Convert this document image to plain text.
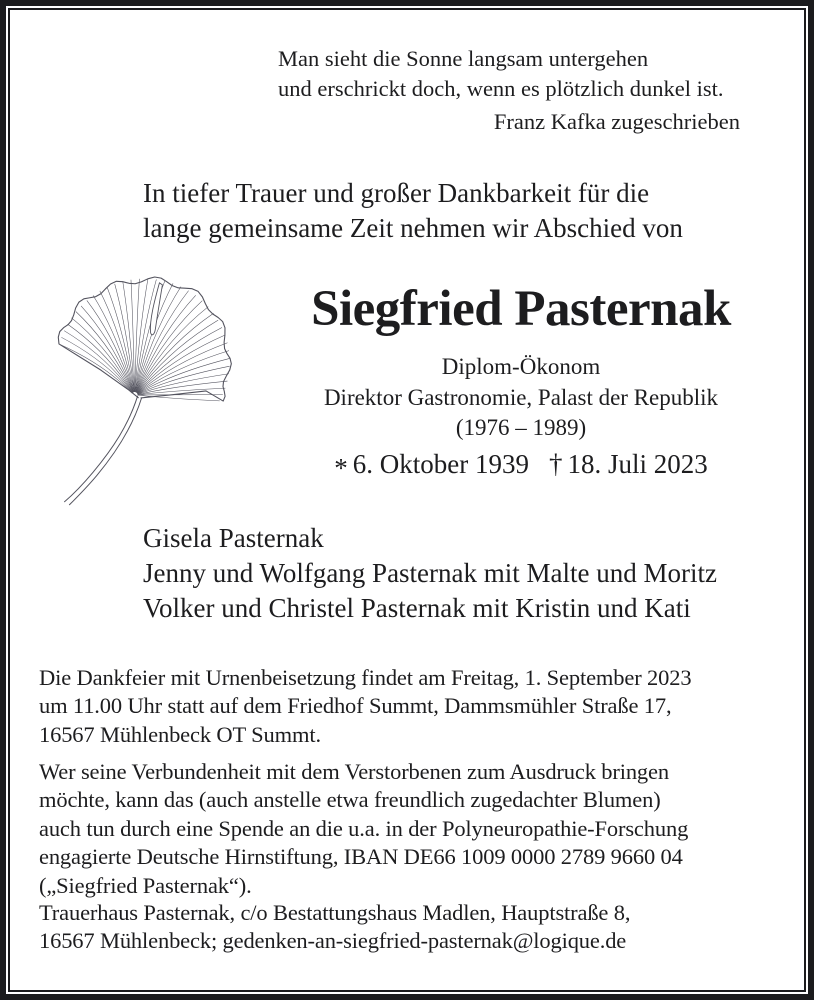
Man sieht die Sonne langsam untergehen
und erschrickt doch, wenn es plötzlich dunkel ist.
Franz Kafka zugeschrieben
In tiefer Trauer und großer Dankbarkeit für die
lange gemeinsame Zeit nehmen wir Abschied von
Siegfried Pasternak
Diplom-Ökonom
Direktor Gastronomie, Palast der Republik
(1976 – 1989)
* 6. Oktober 1939 † 18. Juli 2023
Gisela Pasternak
Jenny und Wolfgang Pasternak mit Malte und Moritz
Volker und Christel Pasternak mit Kristin und Kati
Die Dankfeier mit Urnenbeisetzung findet am Freitag, 1. September 2023
um 11.00 Uhr statt auf dem Friedhof Summt, Dammsmühler Straße 17,
16567 Mühlenbeck OT Summt.
Wer seine Verbundenheit mit dem Verstorbenen zum Ausdruck bringen
möchte, kann das (auch anstelle etwa freundlich zugedachter Blumen)
auch tun durch eine Spende an die u.a. in der Polyneuropathie-Forschung
engagierte Deutsche Hirnstiftung, IBAN DE66 1009 0000 2789 9660 04
(„Siegfried Pasternak“).
Trauerhaus Pasternak, c/o Bestattungshaus Madlen, Hauptstraße 8,
16567 Mühlenbeck; gedenken-an-siegfried-pasternak@logique.de
